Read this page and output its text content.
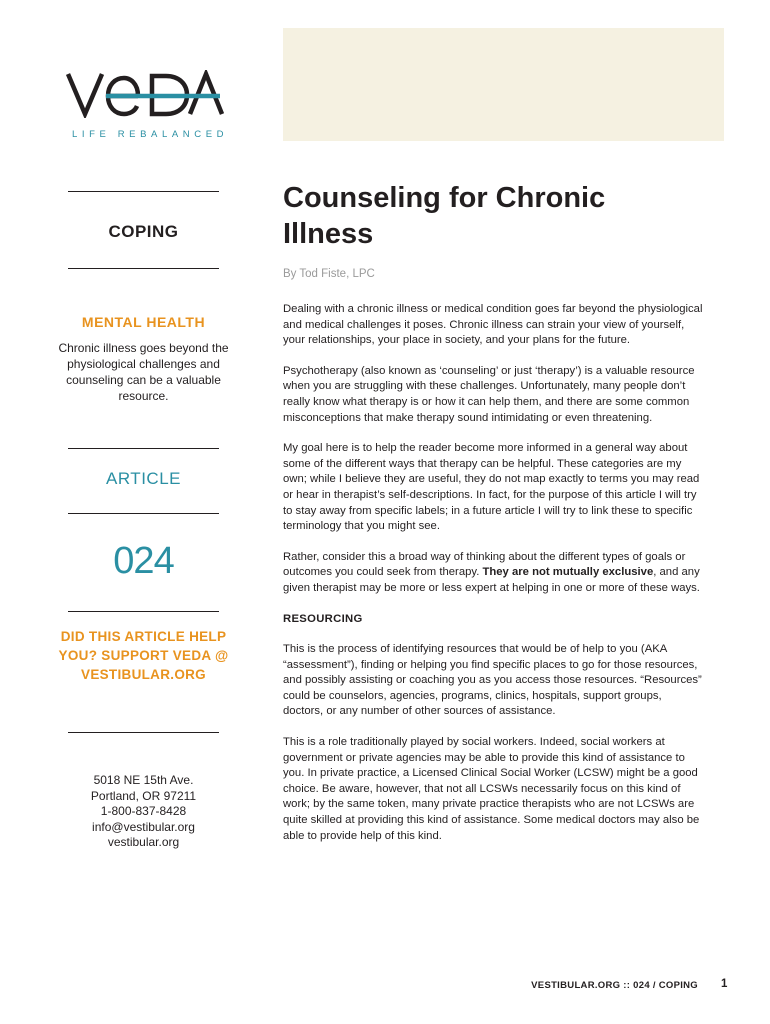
LIFE REBALANCED
COPING
MENTAL HEALTH
Chronic illness goes beyond the physiological challenges and counseling can be a valuable resource.
ARTICLE
024
DID THIS ARTICLE HELP YOU? SUPPORT VEDA @ VESTIBULAR.ORG
5018 NE 15th Ave.
Portland, OR 97211
1-800-837-8428
info@vestibular.org
vestibular.org
Counseling for Chronic Illness
By Tod Fiste, LPC

Dealing with a chronic illness or medical condition goes far beyond the physiological and medical challenges it poses. Chronic illness can strain your view of yourself, your relationships, your place in society, and your plans for the future.

Psychotherapy (also known as ‘counseling’ or just ‘therapy’) is a valuable resource when you are struggling with these challenges. Unfortunately, many people don’t really know what therapy is or how it can help them, and there are some common misconceptions that make therapy sound intimidating or even threatening.

My goal here is to help the reader become more informed in a general way about some of the different ways that therapy can be helpful. These categories are my own; while I believe they are useful, they do not map exactly to terms you may read or hear in therapist’s self-descriptions. In fact, for the purpose of this article I will try to stay away from specific labels; in a future article I will try to link these to specific terminology that you might see.

Rather, consider this a broad way of thinking about the different types of goals or outcomes you could seek from therapy. They are not mutually exclusive, and any given therapist may be more or less expert at helping in one or more of these ways.

RESOURCING

This is the process of identifying resources that would be of help to you (AKA “assessment”), finding or helping you find specific places to go for those resources, and possibly assisting or coaching you as you access those resources. “Resources” could be counselors, agencies, programs, clinics, hospitals, support groups, doctors, or any number of other sources of assistance.

This is a role traditionally played by social workers. Indeed, social workers at government or private agencies may be able to provide this kind of assistance to you. In private practice, a Licensed Clinical Social Worker (LCSW) might be a good choice. Be aware, however, that not all LCSWs necessarily focus on this kind of work; by the same token, many private practice therapists who are not LCSWs are quite skilled at providing this kind of assistance. Some medical doctors may also be able to provide help of this kind.

VESTIBULAR.ORG :: 024 / COPING 1
